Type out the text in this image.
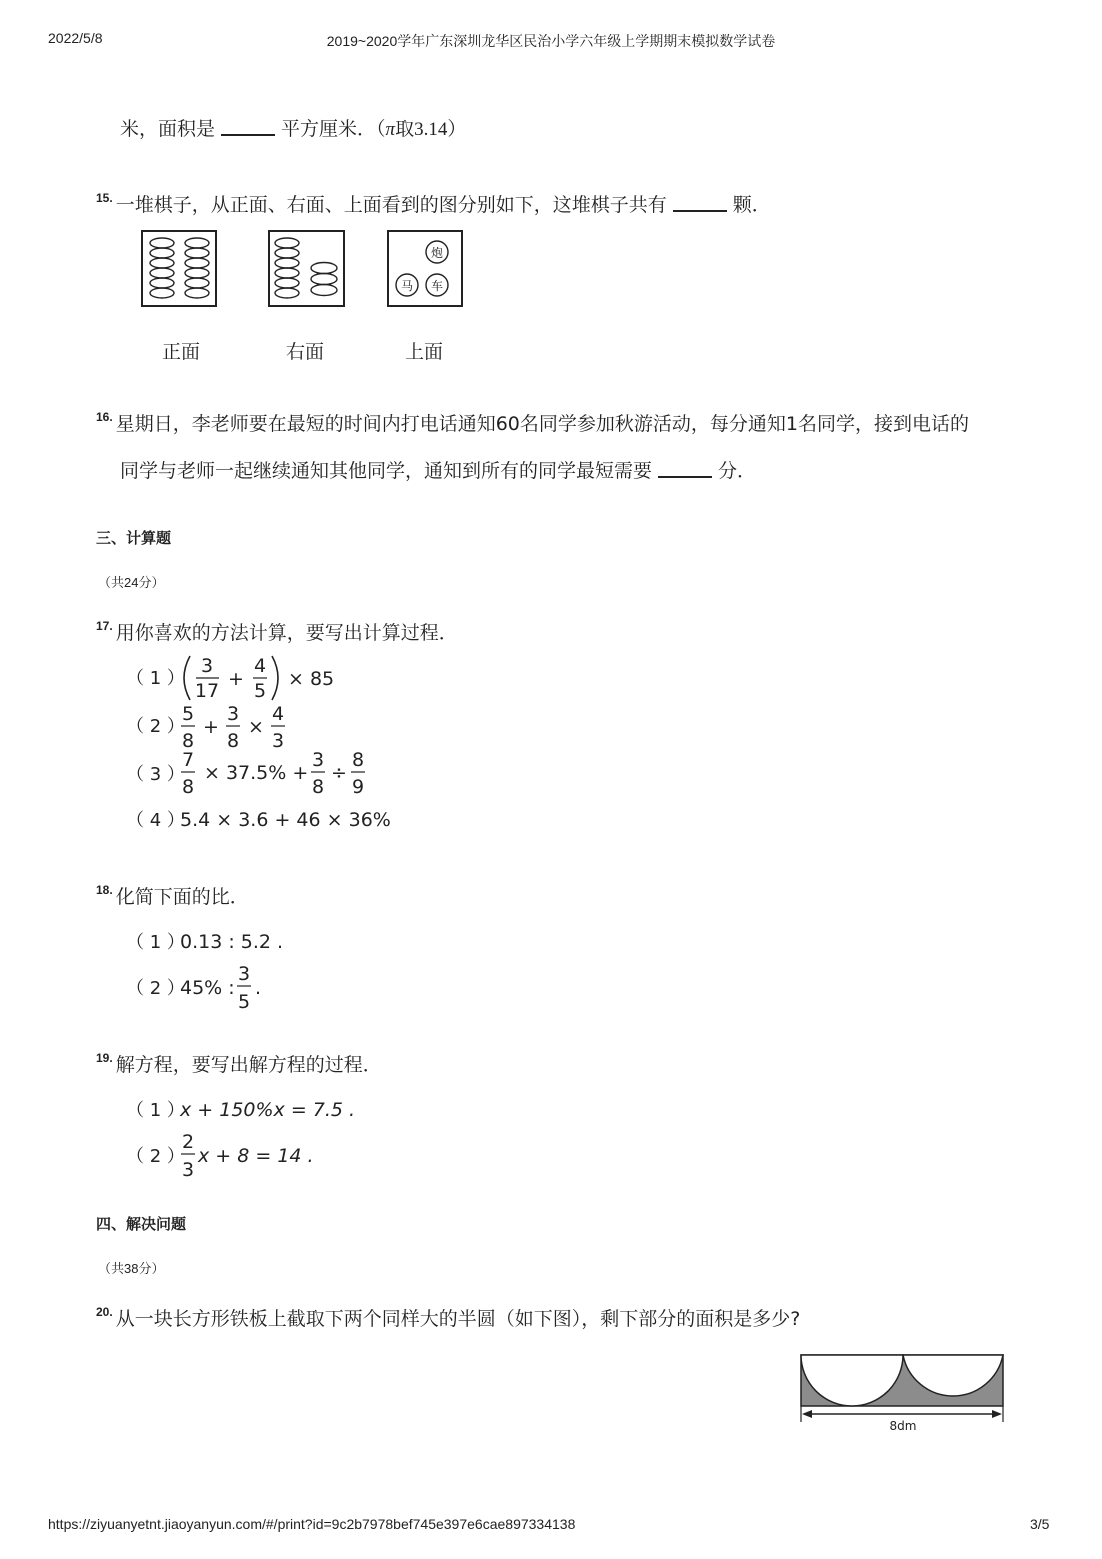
2022/5/8	2019~2020学年广东深圳龙华区民治小学六年级上学期期末模拟数学试卷
米，面积是	平方厘米．（π取3.14）
$^{15.}$ 一堆棋子，从正面、右面、上面看到的图分别如下，这堆棋子共有	颗．
炮
马 车
正面	右面	上面
$^{16.}$ 星期日，李老师要在最短的时间内打电话通知60名同学参加秋游活动，每分通知1名同学，接到电话的
同学与老师一起继续通知其他同学，通知到所有的同学最短需要	分．
三、计算题
（共24分）
$^{17.}$ 用你喜欢的方法计算，要写出计算过程．
（ 1 ）
3
17
+
4
5
× 85
（ 2 ）
5
8
+
3
8
×
4
3
（ 3 ）
7
8
× 37.5% +
3
8
÷
8
9
（ 4 ）
5.4 × 3.6 + 46 × 36%
$^{18.}$ 化简下面的比．
（ 1 ）
0.13 : 5.2 .
（ 2 ）
45% :
3
5
.
$^{19.}$ 解方程，要写出解方程的过程．
（ 1 ）
x + 150%x = 7.5 .
（ 2 ）
2
3
x + 8 = 14 .
四、解决问题
（共38分）
$^{20.}$ 从一块长方形铁板上截取下两个同样大的半圆（如下图），剩下部分的面积是多少?
8dm
https://ziyuanyetnt.jiaoyanyun.com/#/print?id=9c2b7978bef745e397e6cae897334138	3/5
